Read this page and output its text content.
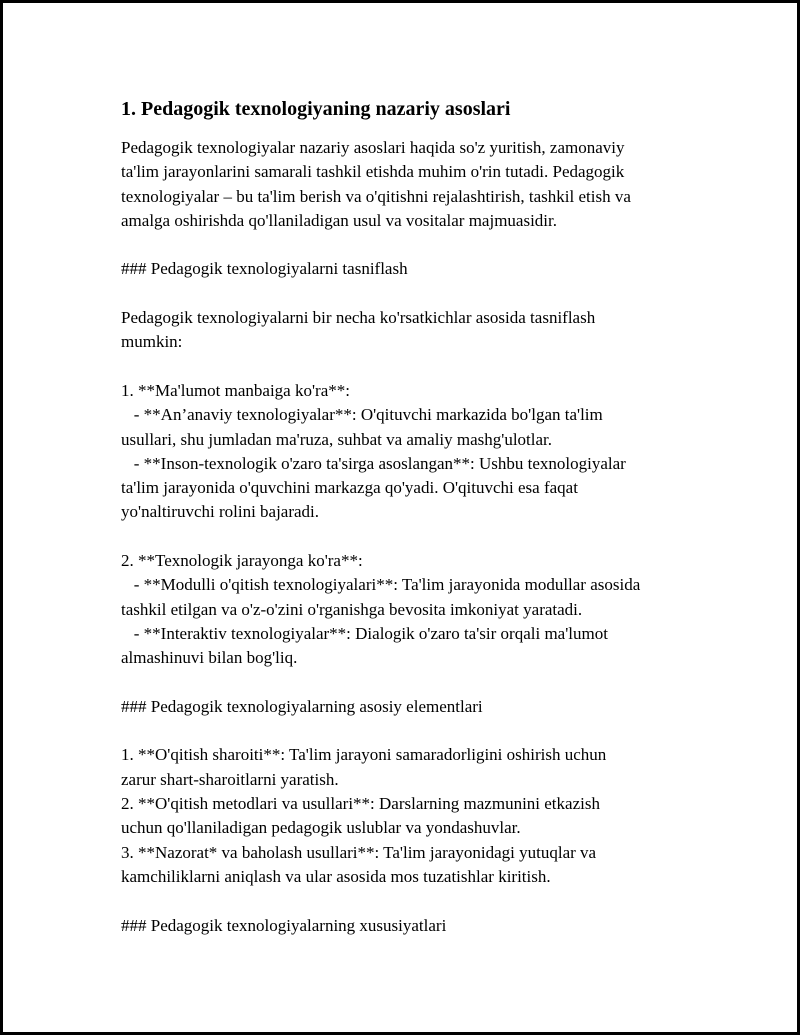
1. Pedagogik texnologiyaning nazariy asoslari

Pedagogik texnologiyalar nazariy asoslari haqida so'z yuritish, zamonaviy

ta'lim jarayonlarini samarali tashkil etishda muhim o'rin tutadi. Pedagogik

texnologiyalar – bu ta'lim berish va o'qitishni rejalashtirish, tashkil etish va

amalga oshirishda qo'llaniladigan usul va vositalar majmuasidir.

### Pedagogik texnologiyalarni tasniflash

Pedagogik texnologiyalarni bir necha ko'rsatkichlar asosida tasniflash

mumkin:

1. **Ma'lumot manbaiga ko'ra**:

- **An’anaviy texnologiyalar**: O'qituvchi markazida bo'lgan ta'lim

usullari, shu jumladan ma'ruza, suhbat va amaliy mashg'ulotlar.

- **Inson-texnologik o'zaro ta'sirga asoslangan**: Ushbu texnologiyalar

ta'lim jarayonida o'quvchini markazga qo'yadi. O'qituvchi esa faqat

yo'naltiruvchi rolini bajaradi.

2. **Texnologik jarayonga ko'ra**:

- **Modulli o'qitish texnologiyalari**: Ta'lim jarayonida modullar asosida

tashkil etilgan va o'z-o'zini o'rganishga bevosita imkoniyat yaratadi.

- **Interaktiv texnologiyalar**: Dialogik o'zaro ta'sir orqali ma'lumot

almashinuvi bilan bog'liq.

### Pedagogik texnologiyalarning asosiy elementlari

1. **O'qitish sharoiti**: Ta'lim jarayoni samaradorligini oshirish uchun

zarur shart-sharoitlarni yaratish.

2. **O'qitish metodlari va usullari**: Darslarning mazmunini etkazish

uchun qo'llaniladigan pedagogik uslublar va yondashuvlar.

3. **Nazorat* va baholash usullari**: Ta'lim jarayonidagi yutuqlar va

kamchiliklarni aniqlash va ular asosida mos tuzatishlar kiritish.

### Pedagogik texnologiyalarning xususiyatlari
